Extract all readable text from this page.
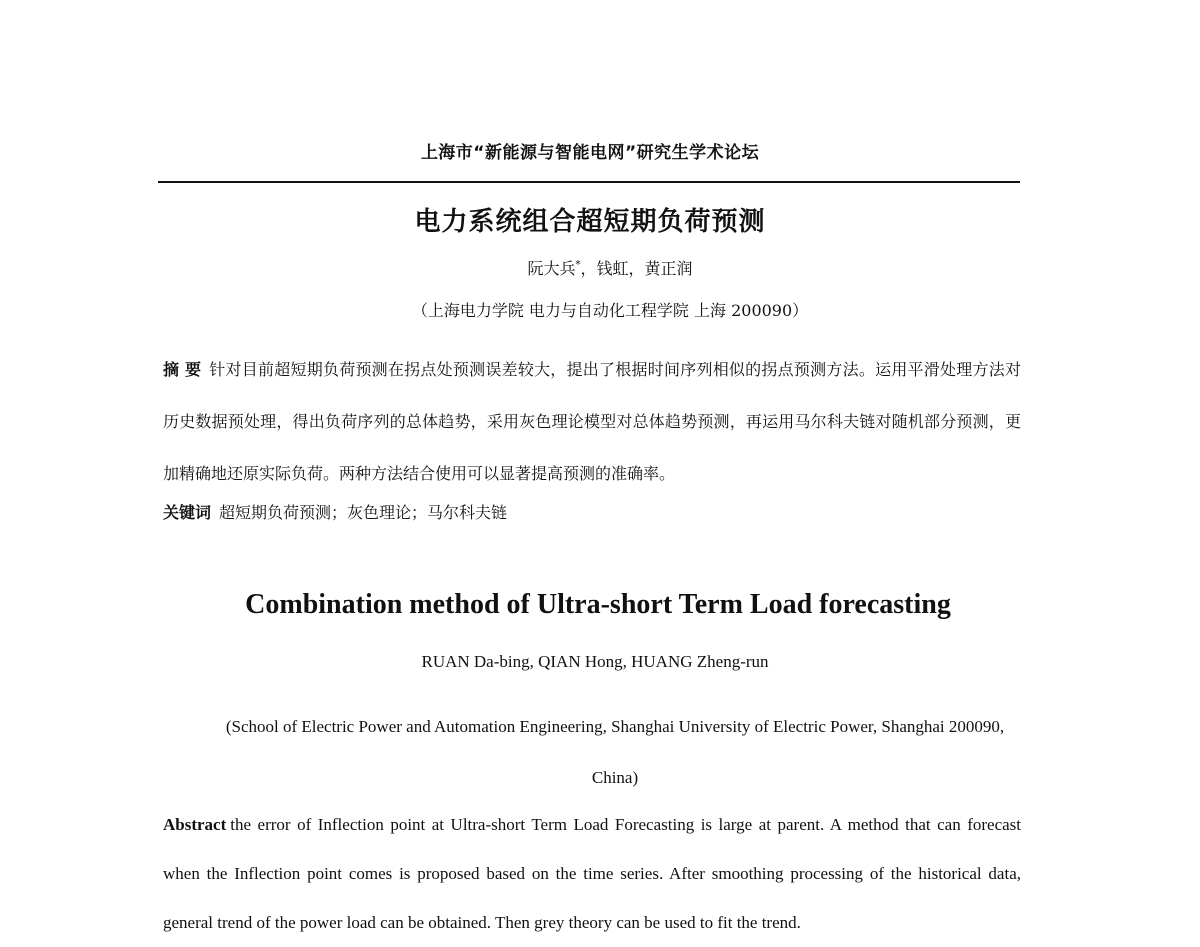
上海市“新能源与智能电网”研究生学术论坛
电力系统组合超短期负荷预测
阮大兵*，钱虹，黄正润
（上海电力学院 电力与自动化工程学院 上海 200090）
摘 要 针对目前超短期负荷预测在拐点处预测误差较大，提出了根据时间序列相似的拐点预测方法。运用平滑处理方法对历史数据预处理，得出负荷序列的总体趋势，采用灰色理论模型对总体趋势预测，再运用马尔科夫链对随机部分预测，更加精确地还原实际负荷。两种方法结合使用可以显著提高预测的准确率。
关键词 超短期负荷预测；灰色理论；马尔科夫链
Combination method of Ultra-short Term Load forecasting
RUAN Da-bing, QIAN Hong, HUANG Zheng-run
(School of Electric Power and Automation Engineering, Shanghai University of Electric Power, Shanghai 200090, China)
Abstract the error of Inflection point at Ultra-short Term Load Forecasting is large at parent. A method that can forecast when the Inflection point comes is proposed based on the time series. After smoothing processing of the historical data, general trend of the power load can be obtained. Then grey theory can be used to fit the trend.
